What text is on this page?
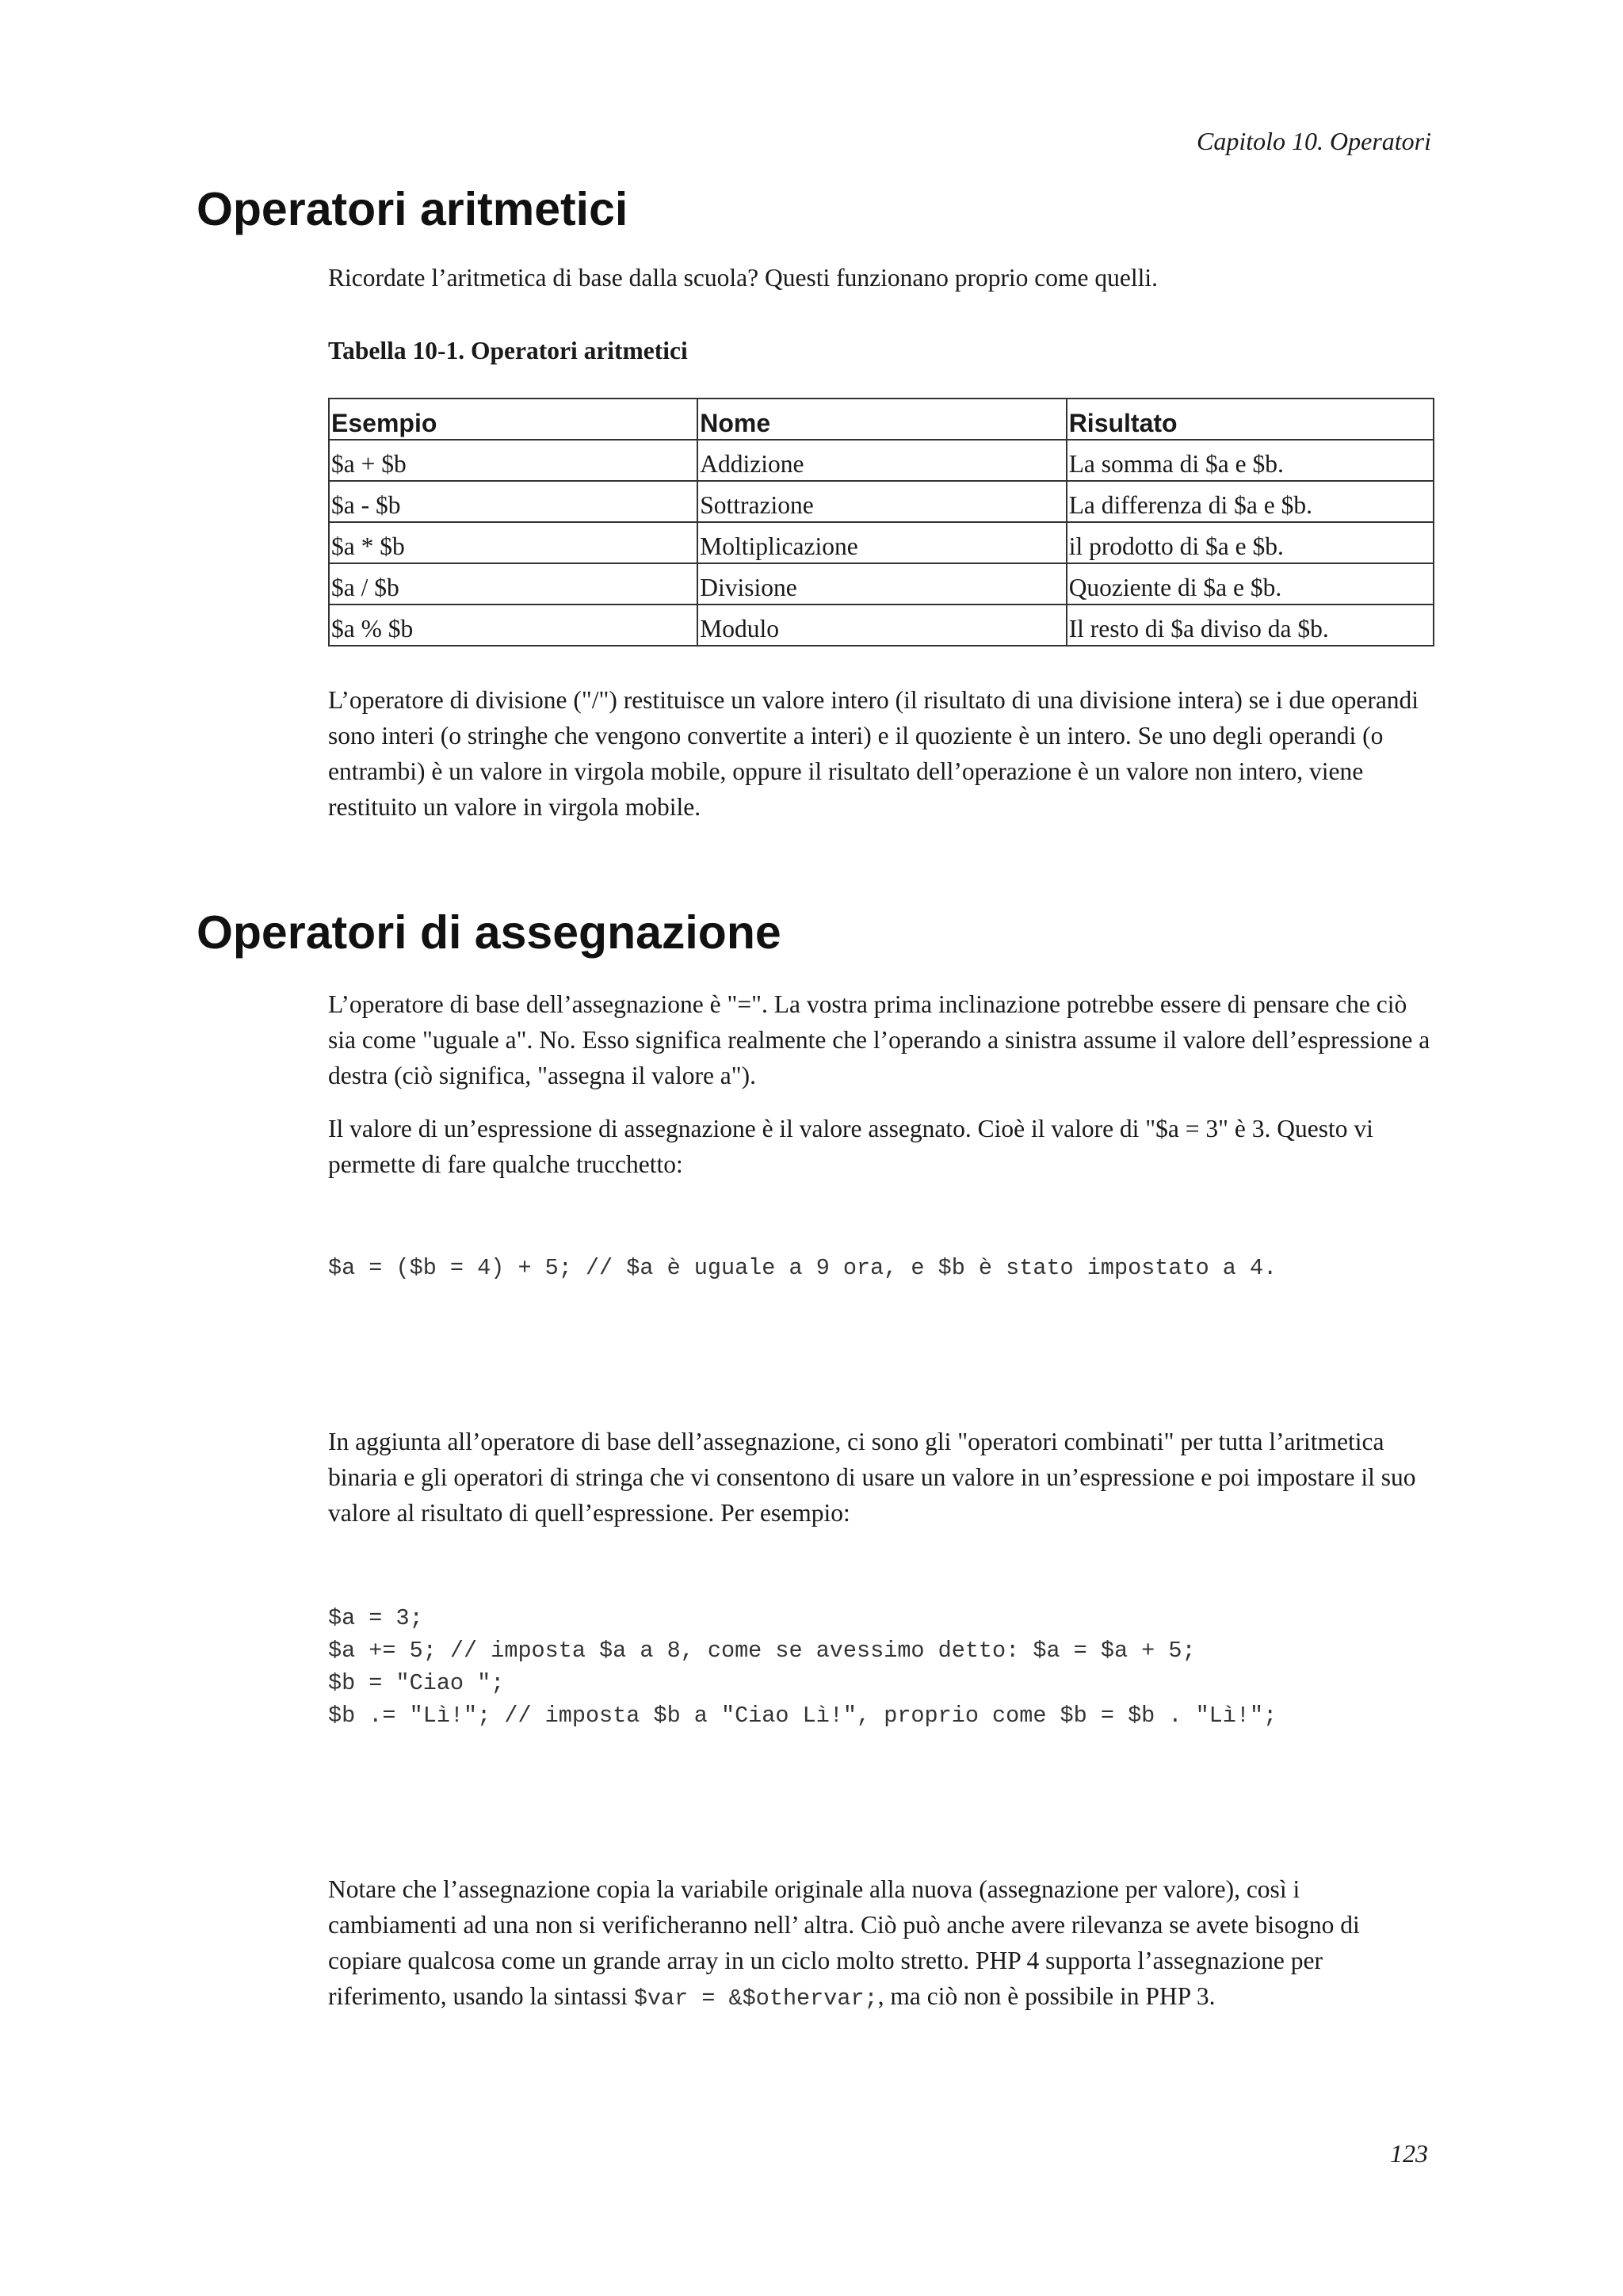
Capitolo 10. Operatori
Operatori aritmetici

Ricordate l’aritmetica di base dalla scuola? Questi funzionano proprio come quelli.

Tabella 10-1. Operatori aritmetici
Esempio	Nome	Risultato
$a + $b	Addizione	La somma di $a e $b.
$a - $b	Sottrazione	La differenza di $a e $b.
$a * $b	Moltiplicazione	il prodotto di $a e $b.
$a / $b	Divisione	Quoziente di $a e $b.
$a % $b	Modulo	Il resto di $a diviso da $b.

L’operatore di divisione ("/") restituisce un valore intero (il risultato di una divisione intera) se i due operandi sono interi (o stringhe che vengono convertite a interi) e il quoziente è un intero. Se uno degli operandi (o entrambi) è un valore in virgola mobile, oppure il risultato dell’operazione è un valore non intero, viene restituito un valore in virgola mobile.

Operatori di assegnazione

L’operatore di base dell’assegnazione è "=". La vostra prima inclinazione potrebbe essere di pensare che ciò sia come "uguale a". No. Esso significa realmente che l’operando a sinistra assume il valore dell’espressione a destra (ciò significa, "assegna il valore a").

Il valore di un’espressione di assegnazione è il valore assegnato. Cioè il valore di "$a = 3" è 3. Questo vi permette di fare qualche trucchetto:

$a = ($b = 4) + 5; // $a è uguale a 9 ora, e $b è stato impostato a 4.

In aggiunta all’operatore di base dell’assegnazione, ci sono gli "operatori combinati" per tutta l’aritmetica binaria e gli operatori di stringa che vi consentono di usare un valore in un’espressione e poi impostare il suo valore al risultato di quell’espressione. Per esempio:

$a = 3;
$a += 5; // imposta $a a 8, come se avessimo detto: $a = $a + 5;
$b = "Ciao ";
$b .= "Lì!"; // imposta $b a "Ciao Lì!", proprio come $b = $b . "Lì!";

Notare che l’assegnazione copia la variabile originale alla nuova (assegnazione per valore), così i cambiamenti ad una non si verificheranno nell’ altra. Ciò può anche avere rilevanza se avete bisogno di copiare qualcosa come un grande array in un ciclo molto stretto. PHP 4 supporta l’assegnazione per riferimento, usando la sintassi $var = &$othervar;, ma ciò non è possibile in PHP 3.

123
